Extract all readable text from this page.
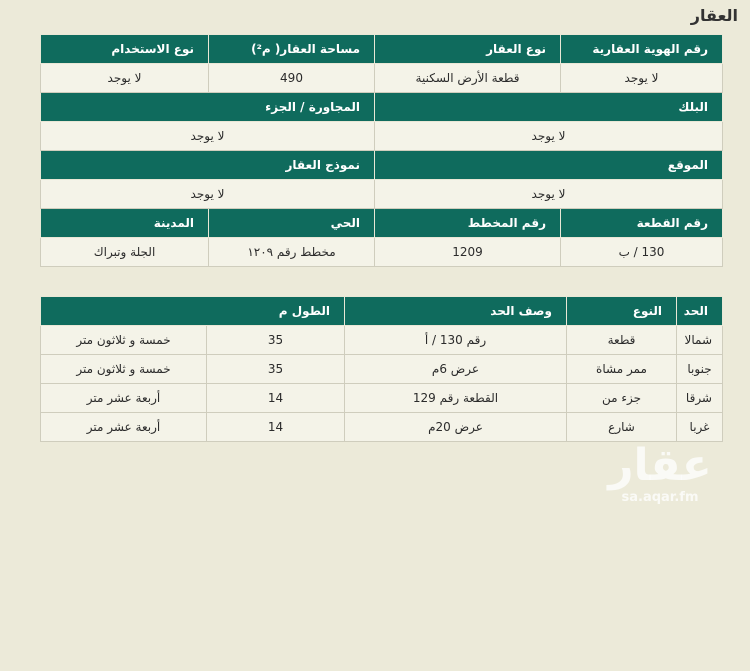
العقار
رقم الهوية العقارية	نوع العقار	مساحة العقار( م²)	نوع الاستخدام
لا يوجد	قطعة الأرض السكنية	490	لا يوجد
البلك		المجاورة / الجزء	
لا يوجد		لا يوجد	
الموقع		نموذج العقار	
لا يوجد		لا يوجد	
رقم القطعة	رقم المخطط	الحي	المدينة
130 / ب	1209	مخطط رقم ١٢٠٩	الجلة وتبراك
الحد	النوع	وصف الحد	الطول م	
شمالا	قطعة	رقم 130 / أ	35	خمسة و ثلاثون متر
جنوبا	ممر مشاة	عرض 6م	35	خمسة و ثلاثون متر
شرقا	جزء من	القطعة رقم 129	14	أربعة عشر متر
غربا	شارع	عرض 20م	14	أربعة عشر متر
عقار
sa.aqar.fm
